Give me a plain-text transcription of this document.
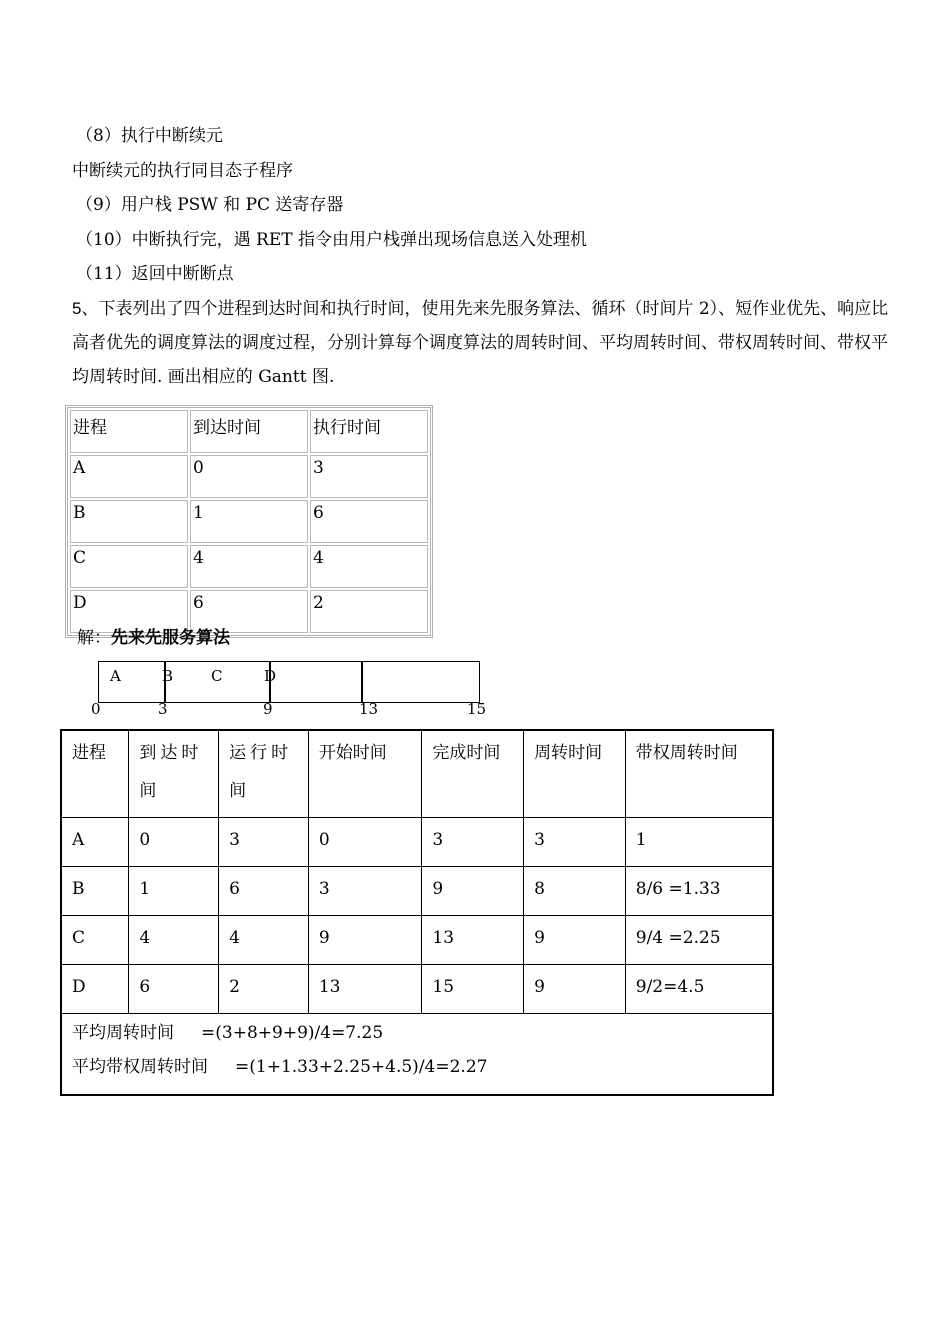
（8）执行中断续元
中断续元的执行同目态子程序
（9）用户栈 PSW 和 PC 送寄存器
（10）中断执行完，遇 RET 指令由用户栈弹出现场信息送入处理机
（11）返回中断断点
5、下表列出了四个进程到达时间和执行时间，使用先来先服务算法、循环（时间片 2）、短作业优先、响应比高者优先的调度算法的调度过程，分别计算每个调度算法的周转时间、平均周转时间、带权周转时间、带权平均周转时间. 画出相应的 Gantt 图.
进程	到达时间	执行时间
A	0	3
B	1	6
C	4	4
D	6	2
解：先来先服务算法
A	B	C	D
0	3	9	13	15
进程	到达时间	运行时间	开始时间	完成时间	周转时间	带权周转时间
A	0	3	0	3	3	1
B	1	6	3	9	8	8/6 =1.33
C	4	4	9	13	9	9/4 =2.25
D	6	2	13	15	9	9/2=4.5

平均周转时间     =(3+8+9+9)/4=7.25
平均带权周转时间     =(1+1.33+2.25+4.5)/4=2.27						
